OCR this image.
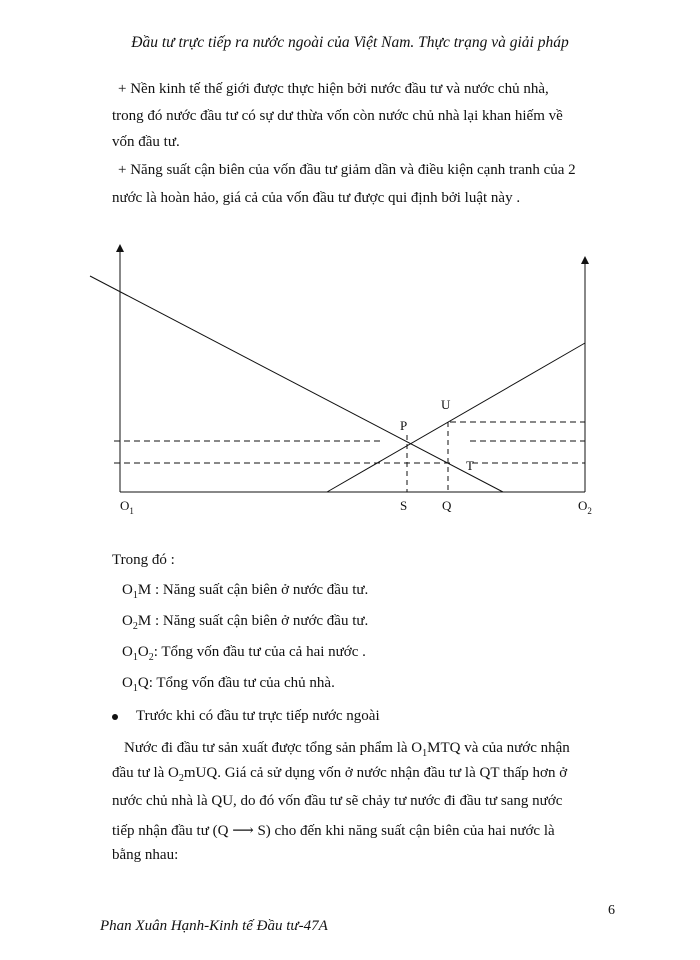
Đầu tư trực tiếp ra nước ngoài của Việt Nam. Thực trạng và giải pháp
+ Nền kinh tế thế giới được thực hiện bởi nước đầu tư và nước chủ nhà,
trong đó nước đầu tư có sự dư thừa vốn còn nước chủ nhà lại khan hiếm về
vốn đầu tư.
+ Năng suất cận biên của vốn đầu tư giảm dần và điều kiện cạnh tranh của 2
nước là hoàn hảo, giá cả của vốn đầu tư được qui định bởi luật này .
$O_1$	$O_2$
S	Q
P
U
T
Trong đó :
$O_1M$ : Năng suất cận biên ở nước đầu tư.
$O_2M$ : Năng suất cận biên ở nước đầu tư.
$O_1O_2$: Tổng vốn đầu tư của cả hai nước .
$O_1Q$: Tổng vốn đầu tư của chủ nhà.
Trước khi có đầu tư trực tiếp nước ngoài
Nước đi đầu tư sản xuất được tổng sản phẩm là $O_1MTQ$ và của nước nhận
đầu tư là $O_2mUQ$. Giá cả sử dụng vốn ở nước nhận đầu tư là QT thấp hơn ở
nước chủ nhà là QU, do đó vốn đầu tư sẽ chảy tư nước đi đầu tư sang nước
tiếp nhận đầu tư (Q ⟶ S) cho đến khi năng suất cận biên của hai nước là
bằng nhau:
6
Phan Xuân Hạnh-Kinh tế Đầu tư-47A
